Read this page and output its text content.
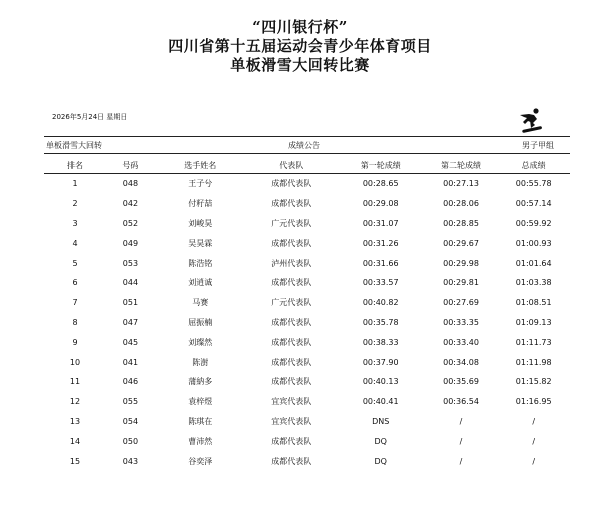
“四川银行杯”
四川省第十五届运动会青少年体育项目
单板滑雪大回转比赛
2026年5月24日 星期日
单板滑雪大回转	成绩公告	男子甲组
排名	号码	选手姓名	代表队	第一轮成绩	第二轮成绩	总成绩
1	048	王子兮	成都代表队	00:28.65	00:27.13	00:55.78
2	042	付籽喆	成都代表队	00:29.08	00:28.06	00:57.14
3	052	刘峻昊	广元代表队	00:31.07	00:28.85	00:59.92
4	049	吴昊霖	成都代表队	00:31.26	00:29.67	01:00.93
5	053	陈浩铭	泸州代表队	00:31.66	00:29.98	01:01.64
6	044	刘逍诚	成都代表队	00:33.57	00:29.81	01:03.38
7	051	马赛	广元代表队	00:40.82	00:27.69	01:08.51
8	047	屈振楠	成都代表队	00:35.78	00:33.35	01:09.13
9	045	刘璨然	成都代表队	00:38.33	00:33.40	01:11.73
10	041	陈澍	成都代表队	00:37.90	00:34.08	01:11.98
11	046	蒲納多	成都代表队	00:40.13	00:35.69	01:15.82
12	055	袁梓煜	宜宾代表队	00:40.41	00:36.54	01:16.95
13	054	陈琪在	宜宾代表队	DNS	/	/
14	050	曹沛然	成都代表队	DQ	/	/
15	043	谷奕泽	成都代表队	DQ	/	/
